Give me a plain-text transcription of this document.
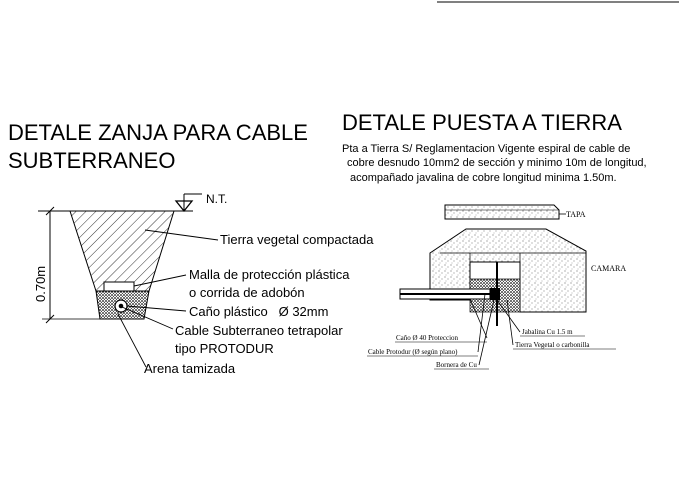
DETALE ZANJA PARA CABLE
SUBTERRANEO
N.T.
0.70m
Tierra vegetal compactada
Malla de protección plástica
o corrida de adobón
Caño plástico   Ø 32mm
Cable Subterraneo tetrapolar
tipo PROTODUR
Arena tamizada
DETALE PUESTA A TIERRA
Pta a Tierra S/ Reglamentacion Vigente espiral de cable de
cobre desnudo 10mm2 de sección y minimo 10m de longitud,
acompañado javalina de cobre longitud minima 1.50m.
TAPA
CAMARA
Jabalina Cu 1.5 m
Caño Ø 40 Proteccion
Tierra Vegetal o carbonilla
Cable Protodur (Ø según plano)
Bornera de Cu
